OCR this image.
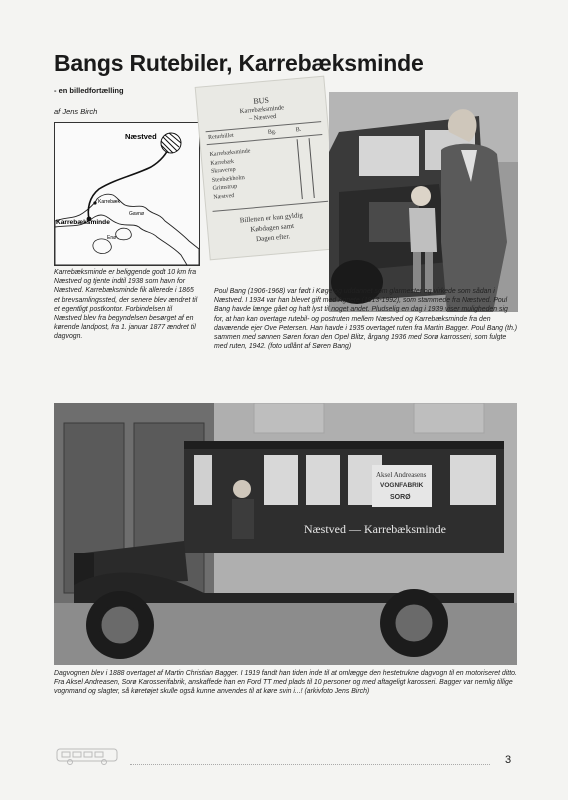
Bangs Rutebiler, Karrebæksminde
- en billedfortælling
af Jens Birch
Næstved
Karrebæk
Gavnø
Karrebæksminde
Enø
Karrebæksminde er beliggende godt 10 km fra Næstved og tjente indtil 1938 som havn for Næstved. Karrebæksminde fik allerede i 1865 et brevsamlingssted, der senere blev ændret til et egentligt postkontor. Forbindelsen til Næstved blev fra begyndelsen besørget af en kørende landpost, fra 1. januar 1877 ændret til dagvogn.
BUS
Karrebæksminde
– Næstved
Returbillet
Bg.	B.
Karrebæksminde
Karrebæk
Skraverup
Stenbækholm
Grimstrup
Næstved
Billetten er kun gyldig
Købdagen samt
Dagen efter.
Poul Bang (1906-1968) var født i Køge og uddannet som glarmester og virkede som sådan i Næstved. I 1934 var han blevet gift med Agnete (1913-1992), som stammede fra Næstved. Poul Bang havde længe gået og haft lyst til noget andet. Pludselig en dag i 1939 viser muligheden sig for, at han kan overtage rutebil- og postruten mellem Næstved og Karrebæksminde fra den daværende ejer Ove Petersen. Han havde i 1935 overtaget ruten fra Martin Bagger. Poul Bang (th.) sammen med sønnen Søren foran den Opel Blitz, årgang 1936 med Sorø karrosseri, som fulgte med ruten, 1942. (foto udlånt af Søren Bang)
Næstved — Karrebæksminde
Aksel Andreasens
VOGNFABRIK
SORØ
Dagvognen blev i 1888 overtaget af Martin Christian Bagger. I 1919 fandt han tiden inde til at omlægge den hestetrukne dagvogn til en motoriseret ditto. Fra Aksel Andreasen, Sorø Karosserifabrik, anskaffede han en Ford TT med plads til 10 personer og med aftageligt karosseri. Bagger var nemlig tillige vognmand og slagter, så køretøjet skulle også kunne anvendes til at køre svin i...! (arkivfoto Jens Birch)
3
